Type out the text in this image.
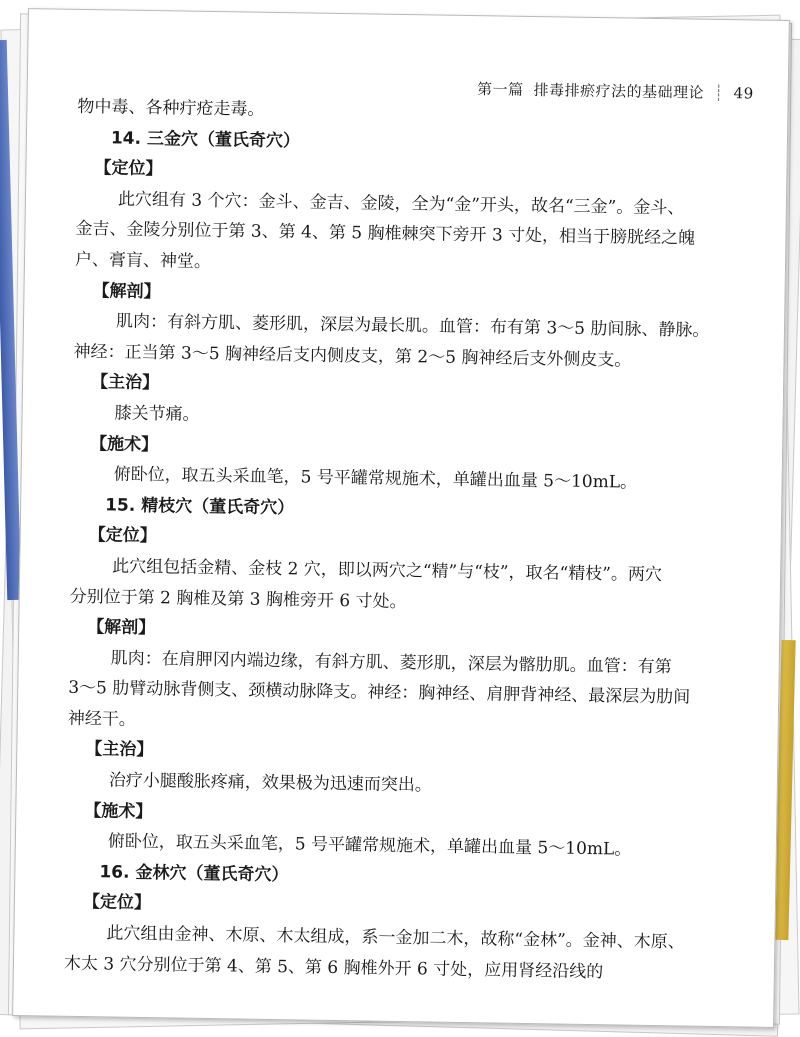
第一篇 排毒排瘀疗法的基础理论 ┊ 49
物中毒、各种疔疮走毒。
14. 三金穴（董氏奇穴）
【定位】
此穴组有 3 个穴：金斗、金吉、金陵，全为“金”开头，故名“三金”。金斗、
金吉、金陵分别位于第 3、第 4、第 5 胸椎棘突下旁开 3 寸处，相当于膀胱经之魄
户、膏肓、神堂。
【解剖】
肌肉：有斜方肌、菱形肌，深层为最长肌。血管：布有第 3～5 肋间脉、静脉。
神经：正当第 3～5 胸神经后支内侧皮支，第 2～5 胸神经后支外侧皮支。
【主治】
膝关节痛。
【施术】
俯卧位，取五头采血笔，5 号平罐常规施术，单罐出血量 5～10mL。
15. 精枝穴（董氏奇穴）
【定位】
此穴组包括金精、金枝 2 穴，即以两穴之“精”与“枝”，取名“精枝”。两穴
分别位于第 2 胸椎及第 3 胸椎旁开 6 寸处。
【解剖】
肌肉：在肩胛冈内端边缘，有斜方肌、菱形肌，深层为髂肋肌。血管：有第
3～5 肋臂动脉背侧支、颈横动脉降支。神经：胸神经、肩胛背神经、最深层为肋间
神经干。
【主治】
治疗小腿酸胀疼痛，效果极为迅速而突出。
【施术】
俯卧位，取五头采血笔，5 号平罐常规施术，单罐出血量 5～10mL。
16. 金林穴（董氏奇穴）
【定位】
此穴组由金神、木原、木太组成，系一金加二木，故称“金林”。金神、木原、
木太 3 穴分别位于第 4、第 5、第 6 胸椎外开 6 寸处，应用肾经沿线的
